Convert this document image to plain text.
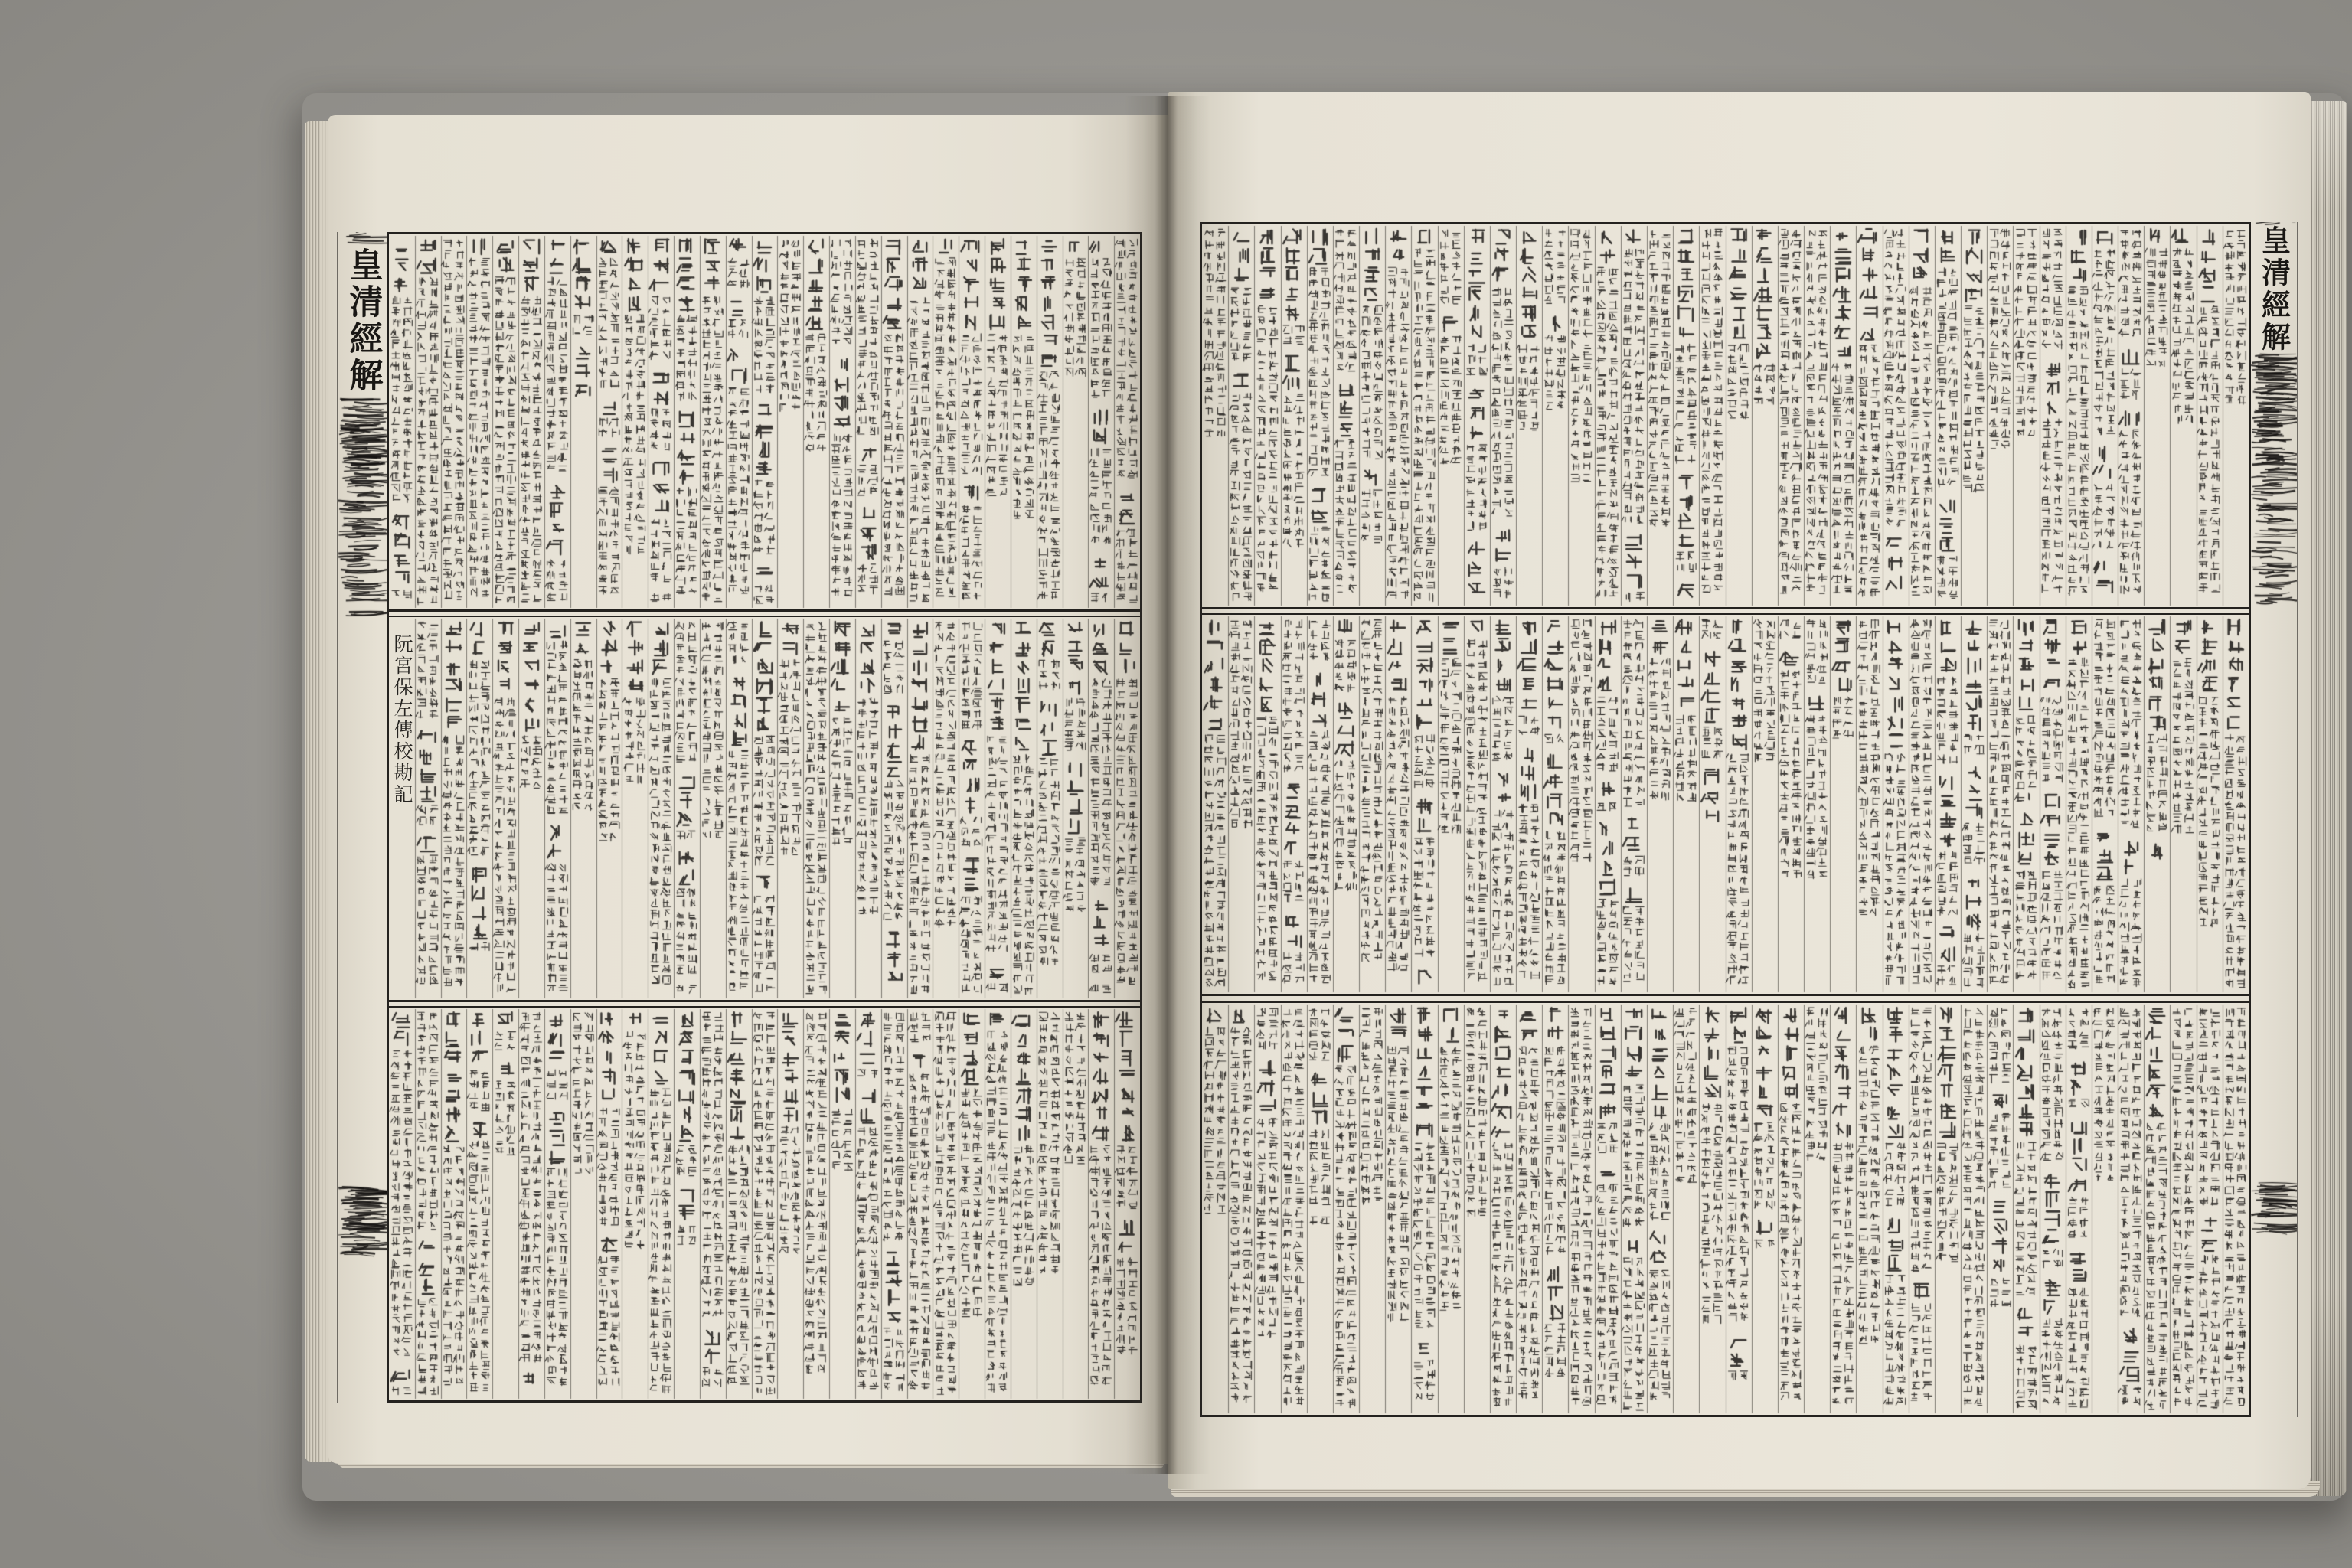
皇清經解
阮宮保左傳校勘記
皇清經解
